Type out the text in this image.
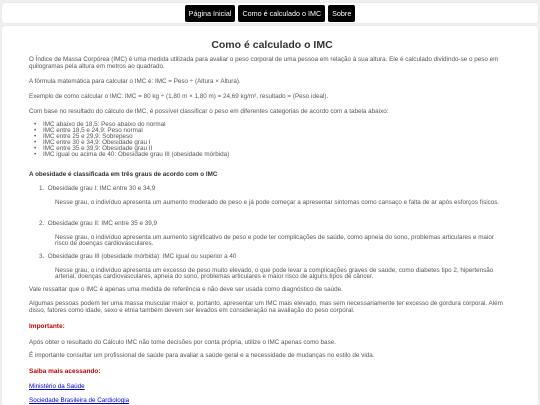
Página Inicial	Como é calculado o IMC	Sobre
Como é calculado o IMC

O Índice de Massa Corpórea (IMC) é uma medida utilizada para avaliar o peso corporal de uma pessoa em relação à sua altura. Ele é calculado dividindo-se o peso em quilogramas pela altura em metros ao quadrado.

A fórmula matemática para calcular o IMC é: IMC = Peso ÷ (Altura × Altura).

Exemplo de como calcular o IMC: IMC = 80 kg ÷ (1,80 m × 1,80 m) = 24,69 kg/m², resultado = (Peso ideal).

Com base no resultado do cálculo de IMC, é possível classificar o peso em diferentes categorias de acordo com a tabela abaixo:

• IMC abaixo de 18,5: Peso abaixo do normal
• IMC entre 18,5 e 24,9: Peso normal
• IMC entre 25 e 29,9: Sobrepeso
• IMC entre 30 e 34,9: Obesidade grau I
• IMC entre 35 e 39,9: Obesidade grau II
• IMC igual ou acima de 40: Obesidade grau III (obesidade mórbida)

A obesidade é classificada em três graus de acordo com o IMC

1.  Obesidade grau I: IMC entre 30 e 34,9
Nesse grau, o indivíduo apresenta um aumento moderado de peso e já pode começar a apresentar sintomas como cansaço e falta de ar após esforços físicos.
2.  Obesidade grau II: IMC entre 35 e 39,9
Nesse grau, o indivíduo apresenta um aumento significativo de peso e pode ter complicações de saúde, como apneia do sono, problemas articulares e maior risco de doenças cardiovasculares.
3.  Obesidade grau III (obesidade mórbida): IMC igual ou superior a 40
Nesse grau, o indivíduo apresenta um excesso de peso muito elevado, o que pode levar a complicações graves de saúde, como diabetes tipo 2, hipertensão arterial, doenças cardiovasculares, apneia do sono, problemas articulares e maior risco de alguns tipos de câncer.

Vale ressaltar que o IMC é apenas uma medida de referência e não deve ser usada como diagnóstico de saúde.

Algumas pessoas podem ter uma massa muscular maior e, portanto, apresentar um IMC mais elevado, mas sem necessariamente ter excesso de gordura corporal. Além disso, fatores como idade, sexo e etnia também devem ser levados em consideração na avaliação do peso corporal.

Importante:

Após obter o resultado do Cálculo IMC não tome decisões por conta própria, utilize o IMC apenas como base.

É importante consultar um profissional de saúde para avaliar a saúde geral e a necessidade de mudanças no estilo de vida.

Saiba mais acessando:

Ministério da Saúde
Sociedade Brasileira de Cardiologia
